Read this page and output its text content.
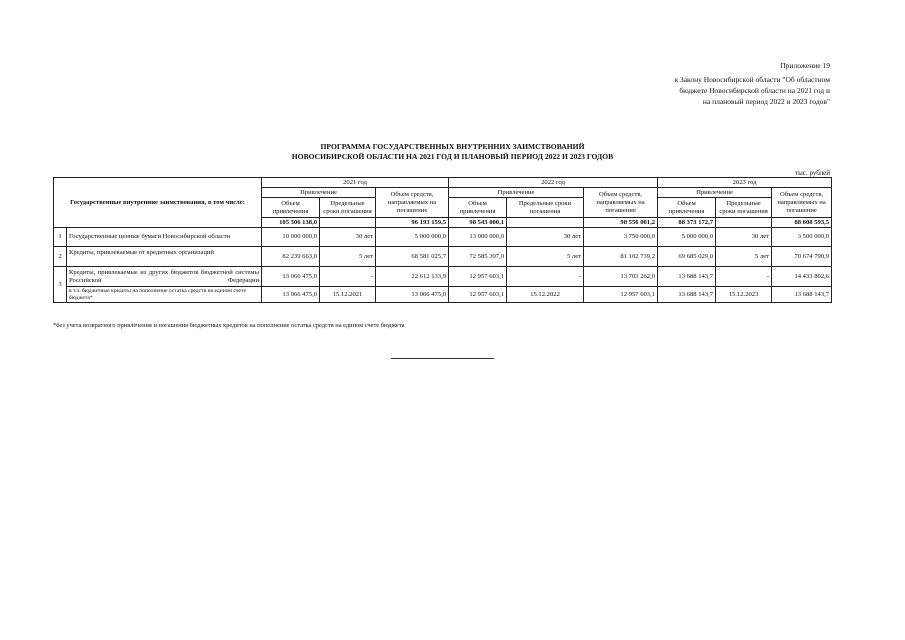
Приложение 19
к Закону Новосибирской области "Об областном
бюджете Новосибирской области на 2021 год и
на плановый период 2022 и 2023 годов"
ПРОГРАММА ГОСУДАРСТВЕННЫХ ВНУТРЕННИХ ЗАИМСТВОВАНИЙ
НОВОСИБИРСКОЙ ОБЛАСТИ НА 2021 ГОД И ПЛАНОВЫЙ ПЕРИОД 2022 И 2023 ГОДОВ
тыс. рублей
Государственные внутренние заимствования, в том числе:		2021 год			2022 год			2023 год		
		Привлечение		Объем средств, направляемых на погашение	Привлечение		Объем средств, направляемых на погашение	Привлечение		Объем средств, направляемых на погашение
		Объем привлечения	Предельные сроки погашения		Объем привлечения	Предельные сроки погашения		Объем привлечения	Предельные сроки погашения	
		105 306 138,0		96 193 159,5	98 543 000,1		98 556 001,2	88 373 172,7		88 608 593,5
1	Государственные ценные бумаги Новосибирской области	10 000 000,0	30 лет	5 000 000,0	13 000 000,0	30 лет	3 750 000,0	5 000 000,0	30 лет	3 500 000,0
2	Кредиты, привлекаемые от кредитных организаций	82 239 663,0	5 лет	68 581 025,7	72 585 397,0	5 лет	81 102 739,2	69 685 029,0	5 лет	70 674 790,9
3	Кредиты, привлекаемые из других бюджетов бюджетной системы Российской Федерации	13 066 475,0	-	22 612 133,9	12 957 603,1	-	13 703 262,0	13 688 143,7	-	14 433 802,6
	в т.ч. бюджетные кредиты на пополнение остатка средств на едином счете бюджета*	13 066 475,0	15.12.2021	13 066 475,0	12 957 603,1	15.12.2022	12 957 603,1	13 688 143,7	15.12.2023	13 688 143,7
*без учета возвратного привлечения и погашения бюджетных кредитов на пополнение остатка средств на едином счете бюджета
